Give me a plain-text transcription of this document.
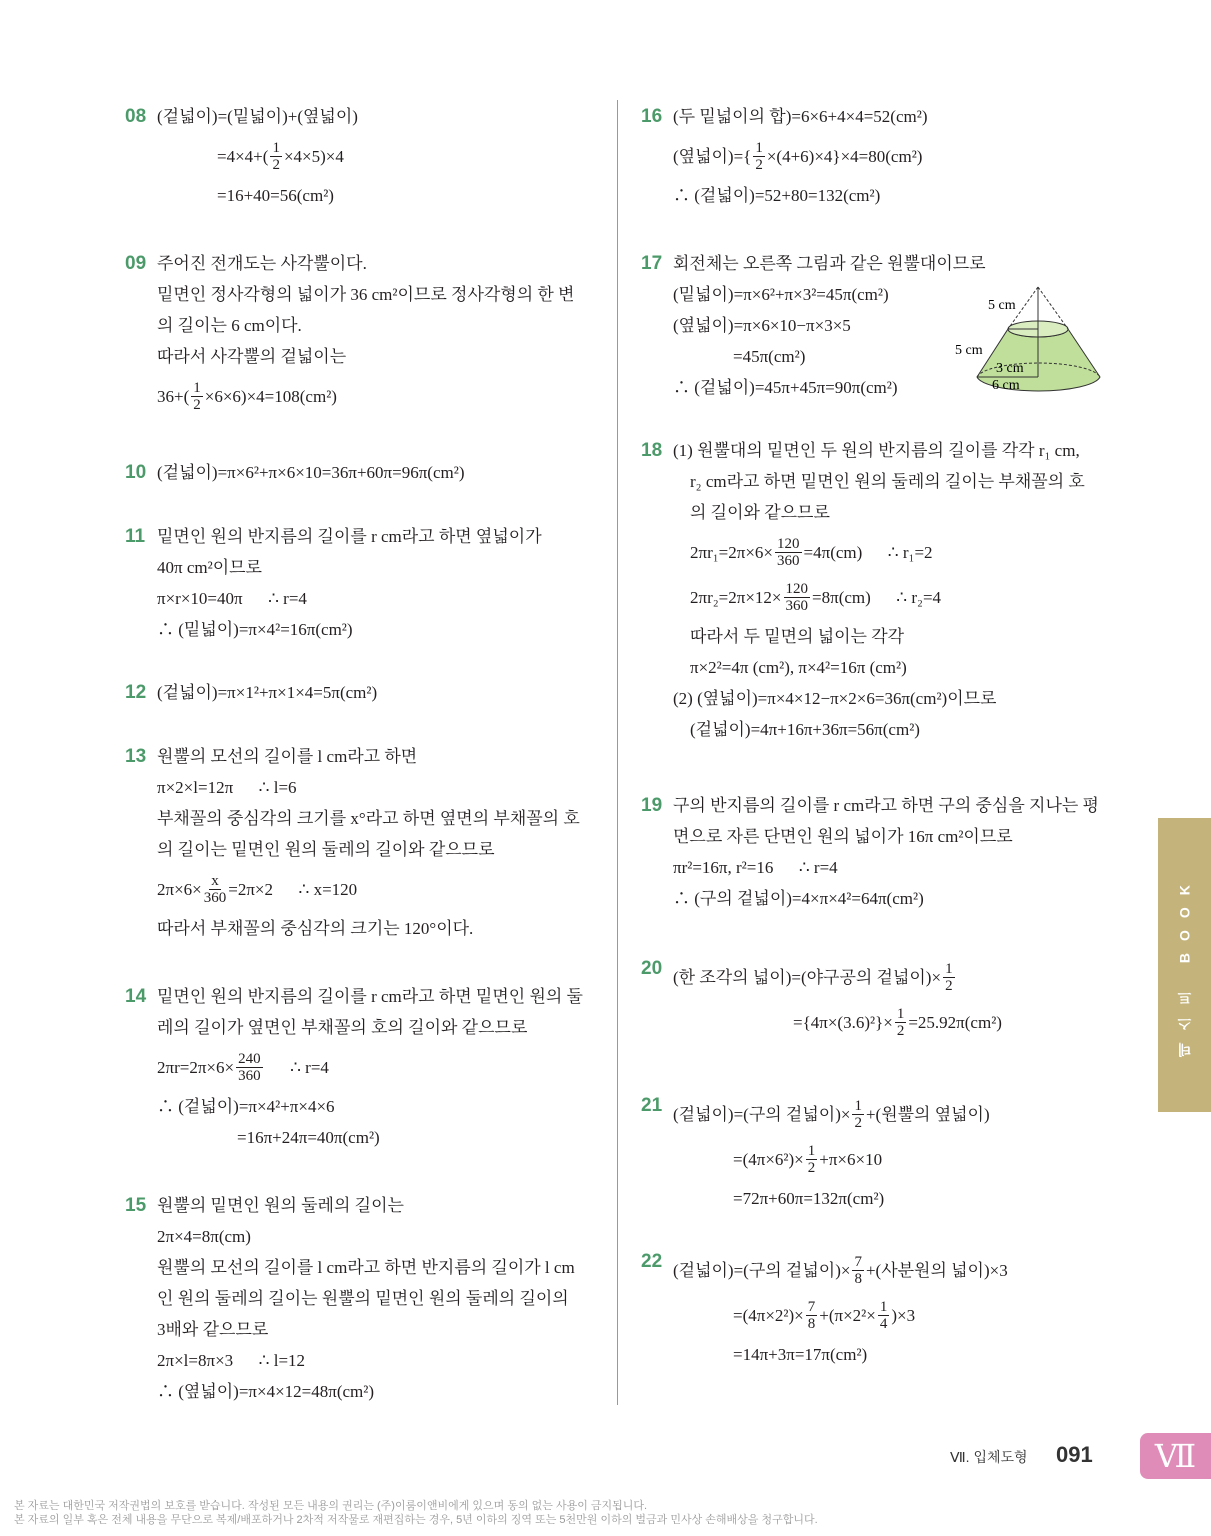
08 (겉넓이)=(밑넓이)+(옆넓이)
$=4\times 4+( \frac{1}{2} \times 4\times 5)\times 4$
=16+40=56(cm²)
09 주어진 전개도는 사각뿔이다.
밑면인 정사각형의 넓이가 36 cm²이므로 정사각형의 한 변
의 길이는 6 cm이다.
따라서 사각뿔의 겉넓이는
$36+( \frac{1}{2} \times 6\times 6)\times 4=108(cm^2)$
10 (겉넓이)=π×6²+π×6×10=36π+60π=96π(cm²)
11 밑면인 원의 반지름의 길이를 r cm라고 하면 옆넓이가
40π cm²이므로
π×r×10=40π      ∴ r=4
∴ (밑넓이)=π×4²=16π(cm²)
12 (겉넓이)=π×1²+π×1×4=5π(cm²)
13 원뿔의 모선의 길이를 l cm라고 하면
π×2×l=12π      ∴ l=6
부채꼴의 중심각의 크기를 x°라고 하면 옆면의 부채꼴의 호
의 길이는 밑면인 원의 둘레의 길이와 같으므로
$2\pi\times 6\times \frac{x}{360} =2\pi\times 2$      ∴ x=120
따라서 부채꼴의 중심각의 크기는 120°이다.
14 밑면인 원의 반지름의 길이를 r cm라고 하면 밑면인 원의 둘
레의 길이가 옆면인 부채꼴의 호의 길이와 같으므로
$2\pi r=2\pi\times 6\times \frac{240}{360}$ ∴ r=4
∴ (겉넓이)=π×4²+π×4×6
=16π+24π=40π(cm²)
15 원뿔의 밑면인 원의 둘레의 길이는
2π×4=8π(cm)
원뿔의 모선의 길이를 l cm라고 하면 반지름의 길이가 l cm
인 원의 둘레의 길이는 원뿔의 밑면인 원의 둘레의 길이의
3배와 같으므로
2π×l=8π×3      ∴ l=12
∴ (옆넓이)=π×4×12=48π(cm²)
16 (두 밑넓이의 합)=6×6+4×4=52(cm²)
(옆넓이)={ $\frac{1}{2} \times(4+6)\times 4\}\times 4=80(cm^2)$
∴ (겉넓이)=52+80=132(cm²)
17 회전체는 오른쪽 그림과 같은 원뿔대이므로
(밑넓이)=π×6²+π×3²=45π(cm²)
(옆넓이)=π×6×10−π×3×5
=45π(cm²)
∴ (겉넓이)=45π+45π=90π(cm²)
18 (1) 원뿔대의 밑면인 두 원의 반지름의 길이를 각각 r₁ cm,
r₂ cm라고 하면 밑면인 원의 둘레의 길이는 부채꼴의 호
의 길이와 같으므로
$2\pi r_1=2\pi\times 6\times \frac{120}{360} =4\pi(cm)$      ∴ r₁=2
$2\pi r_2=2\pi\times 12\times \frac{120}{360} =8\pi(cm)$      ∴ r₂=4
따라서 두 밑면의 넓이는 각각
π×2²=4π (cm²), π×4²=16π (cm²)
(2) (옆넓이)=π×4×12−π×2×6=36π(cm²)이므로
(겉넓이)=4π+16π+36π=56π(cm²)
19 구의 반지름의 길이를 r cm라고 하면 구의 중심을 지나는 평
면으로 자른 단면인 원의 넓이가 16π cm²이므로
πr²=16π, r²=16      ∴ r=4
∴ (구의 겉넓이)=4×π×4²=64π(cm²)
20 (한 조각의 넓이)=(야구공의 겉넓이)× $\frac{1}{2}$
$=\{4\pi\times(3.6)^2\}\times \frac{1}{2} =25.92\pi(cm^2)$
21 (겉넓이)=(구의 겉넓이)× $\frac{1}{2}$ +(원뿔의 옆넓이)
$=(4\pi\times 6^2)\times \frac{1}{2} +\pi\times 6\times 10$
=72π+60π=132π(cm²)
22 (겉넓이)=(구의 겉넓이)× $\frac{7}{8}$ +(사분원의 넓이)×3
$=(4\pi\times 2^2)\times \frac{7}{8} +(\pi\times 2^2\times \frac{1}{4} )\times 3$
=14π+3π=17π(cm²)
5 cm
5 cm
3 cm
6 cm
테스트 BOOK
Ⅶ. 입체도형 091	Ⅶ
본 자료는 대한민국 저작권법의 보호를 받습니다. 작성된 모든 내용의 권리는 (주)이룸이앤비에게 있으며 동의 없는 사용이 금지됩니다.
본 자료의 일부 혹은 전체 내용을 무단으로 복제/배포하거나 2차적 저작물로 재편집하는 경우, 5년 이하의 징역 또는 5천만원 이하의 벌금과 민사상 손해배상을 청구합니다.
